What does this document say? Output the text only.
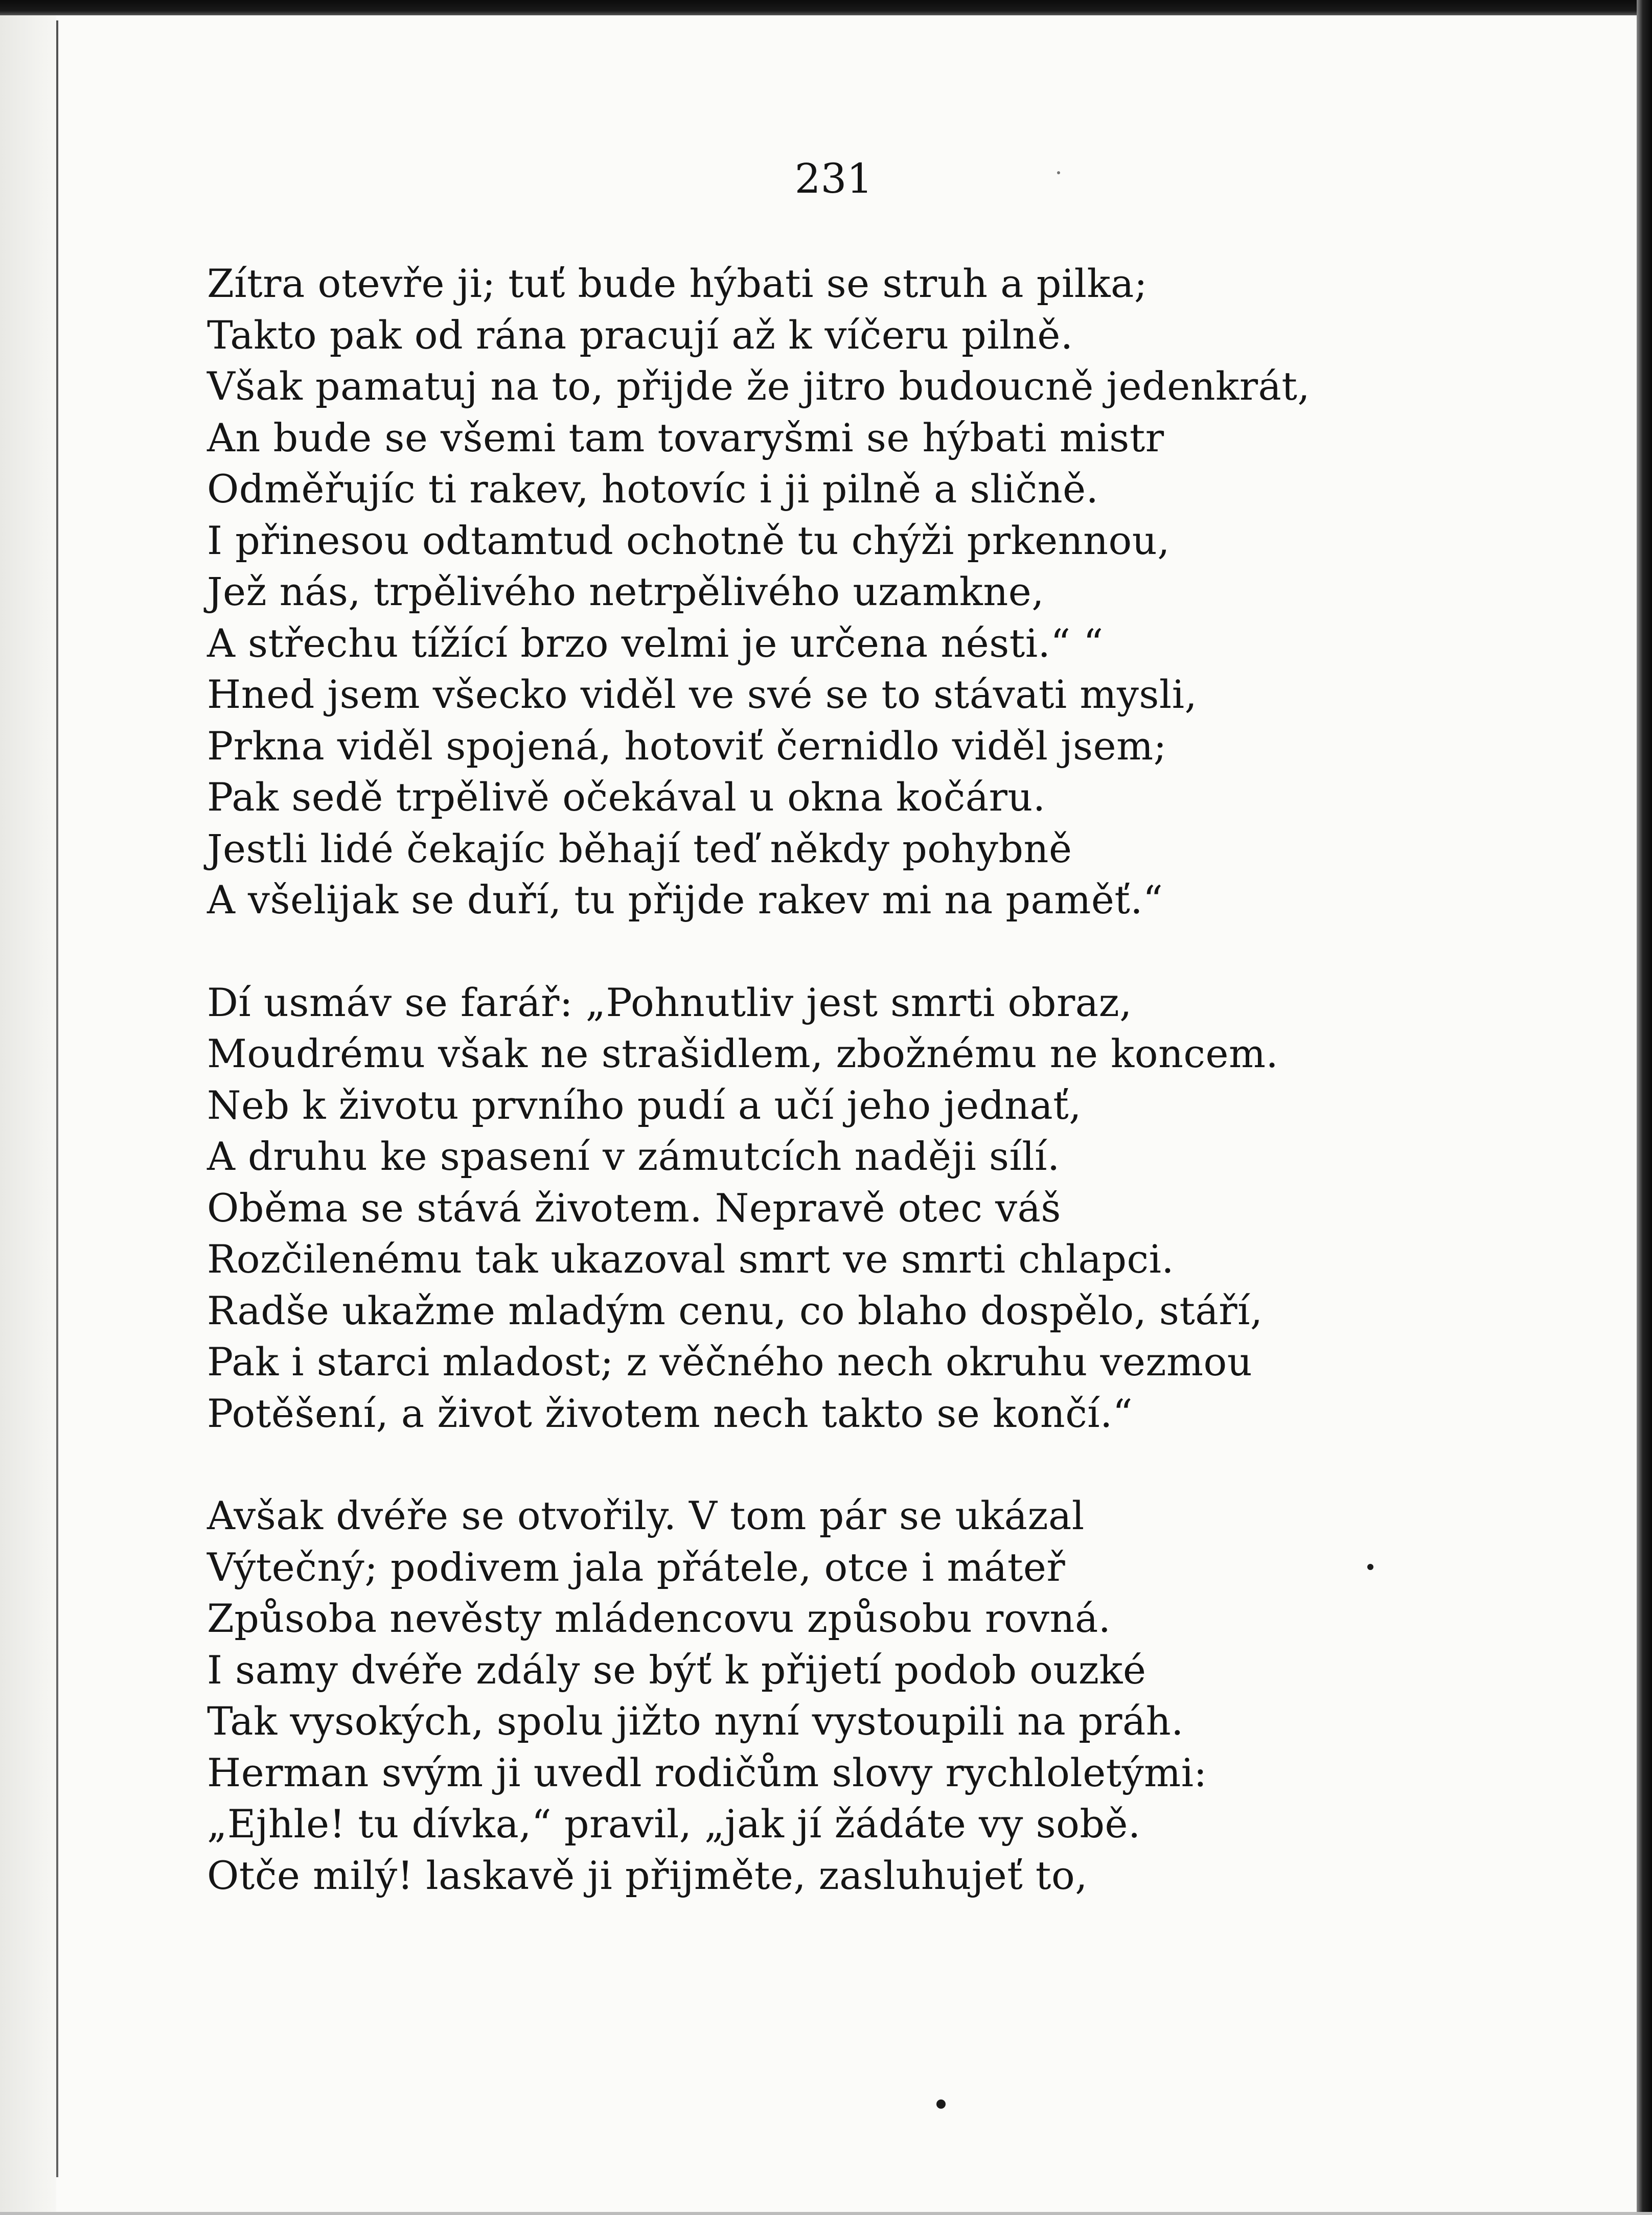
231
Zítra otevře ji; tuť bude hýbati se struh a pilka;
Takto pak od rána pracují až k víčeru pilně.
Však pamatuj na to, přijde že jitro budoucně jedenkrát,
An bude se všemi tam tovaryšmi se hýbati mistr
Odměřujíc ti rakev, hotovíc i ji pilně a sličně.
I přinesou odtamtud ochotně tu chýži prkennou,
Jež nás, trpělivého netrpělivého uzamkne,
A střechu tížící brzo velmi je určena nésti.“ “
Hned jsem všecko viděl ve své se to stávati mysli,
Prkna viděl spojená, hotoviť černidlo viděl jsem;
Pak sedě trpělivě očekával u okna kočáru.
Jestli lidé čekajíc běhají teď někdy pohybně
A všelijak se duří, tu přijde rakev mi na paměť.“
Dí usmáv se farář: „Pohnutliv jest smrti obraz,
Moudrému však ne strašidlem, zbožnému ne koncem.
Neb k životu prvního pudí a učí jeho jednať,
A druhu ke spasení v zámutcích naději sílí.
Oběma se stává životem. Nepravě otec váš
Rozčilenému tak ukazoval smrt ve smrti chlapci.
Radše ukažme mladým cenu, co blaho dospělo, stáří,
Pak i starci mladost; z věčného nech okruhu vezmou
Potěšení, a život životem nech takto se končí.“
Avšak dvéře se otvořily. V tom pár se ukázal
Výtečný; podivem jala přátele, otce i máteř
Způsoba nevěsty mládencovu způsobu rovná.
I samy dvéře zdály se býť k přijetí podob ouzké
Tak vysokých, spolu jižto nyní vystoupili na práh.
Herman svým ji uvedl rodičům slovy rychloletými:
„Ejhle! tu dívka,“ pravil, „jak jí žádáte vy sobě.
Otče milý! laskavě ji přijměte, zasluhujeť to,
